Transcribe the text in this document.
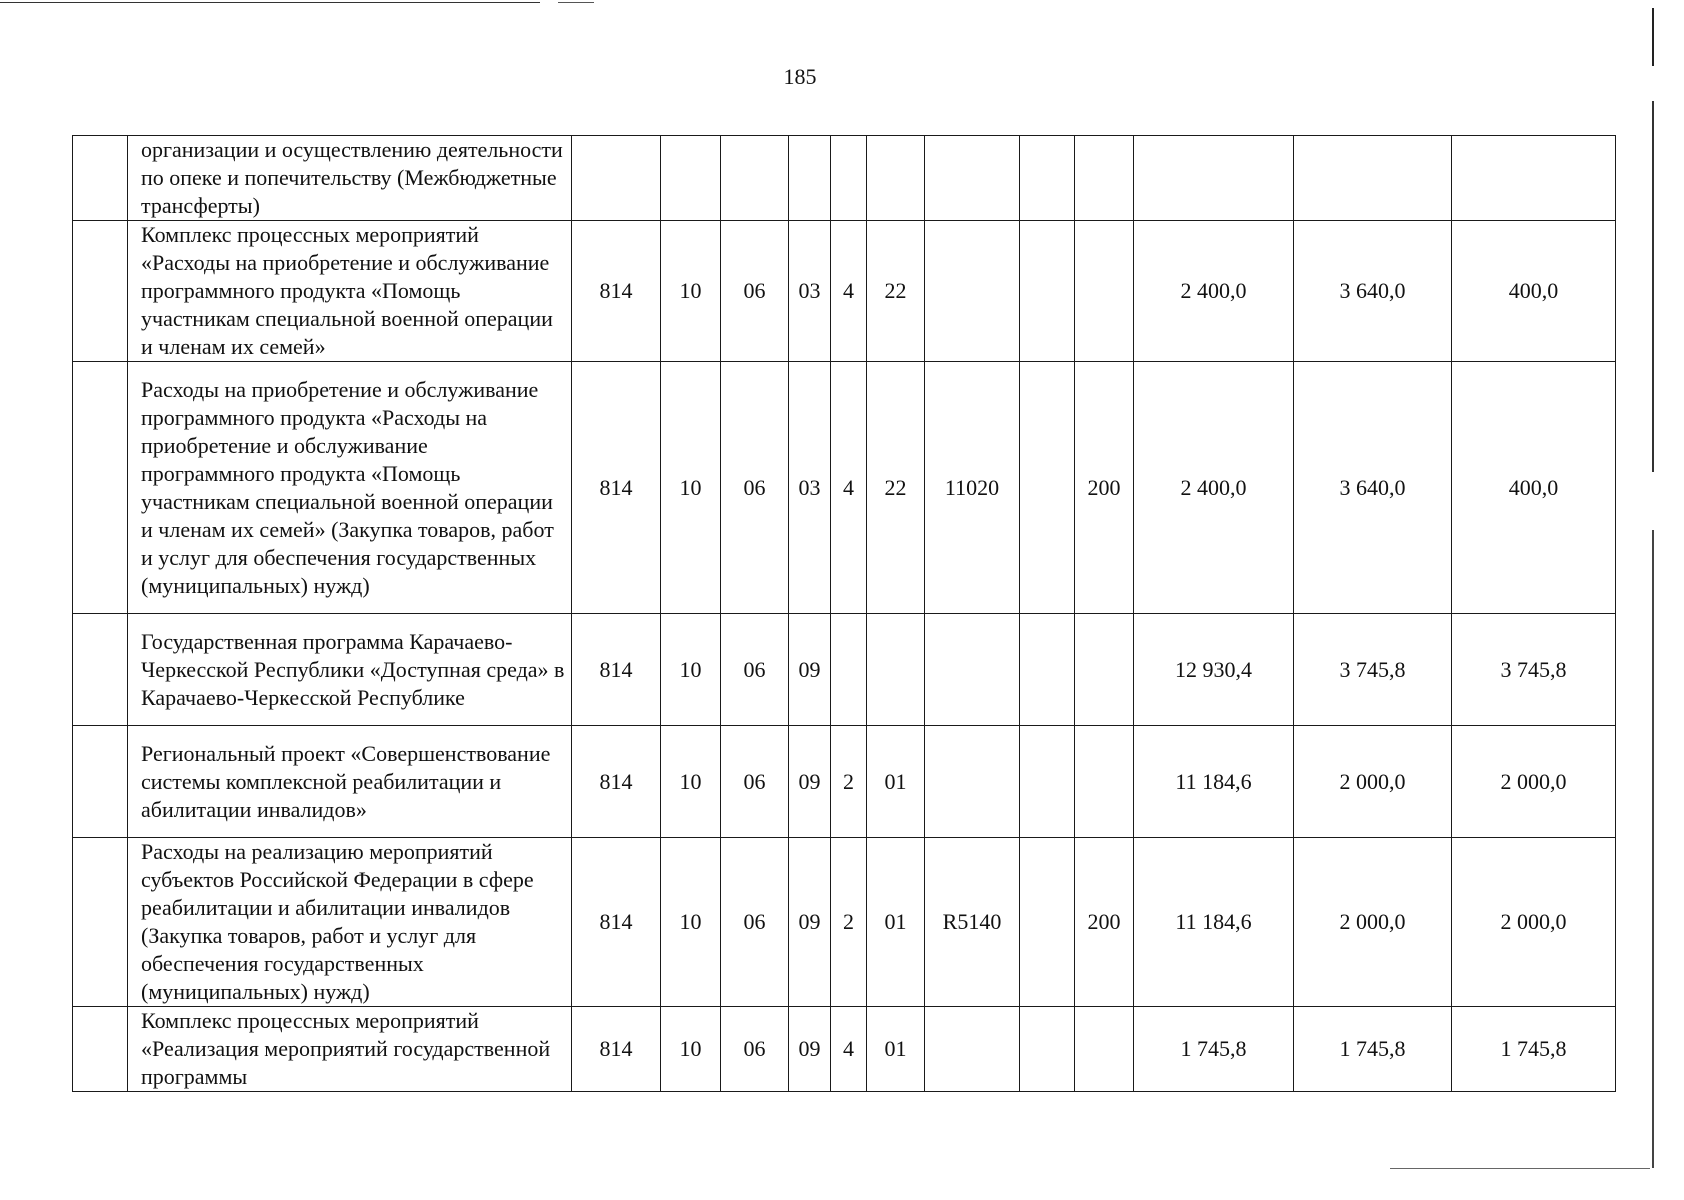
185
	организации и осуществлению деятельности по опеке и попечительству (Межбюджетные трансферты)												
	Комплекс процессных мероприятий «Расходы на приобретение и обслуживание программного продукта «Помощь участникам специальной военной операции и членам их семей»	814	10	06	03	4	22				2 400,0	3 640,0	400,0
	Расходы на приобретение и обслуживание программного продукта «Расходы на приобретение и обслуживание программного продукта «Помощь участникам специальной военной операции и членам их семей» (Закупка товаров, работ и услуг для обеспечения государственных (муниципальных) нужд)	814	10	06	03	4	22	11020		200	2 400,0	3 640,0	400,0
	Государственная программа Карачаево-Черкесской Республики «Доступная среда» в Карачаево-Черкесской Республике	814	10	06	09						12 930,4	3 745,8	3 745,8
	Региональный проект «Совершенствование системы комплексной реабилитации и абилитации инвалидов»	814	10	06	09	2	01				11 184,6	2 000,0	2 000,0
	Расходы на реализацию мероприятий субъектов Российской Федерации в сфере реабилитации и абилитации инвалидов (Закупка товаров, работ и услуг для обеспечения государственных (муниципальных) нужд)	814	10	06	09	2	01	R5140		200	11 184,6	2 000,0	2 000,0
	Комплекс процессных мероприятий «Реализация мероприятий государственной программы	814	10	06	09	4	01				1 745,8	1 745,8	1 745,8
